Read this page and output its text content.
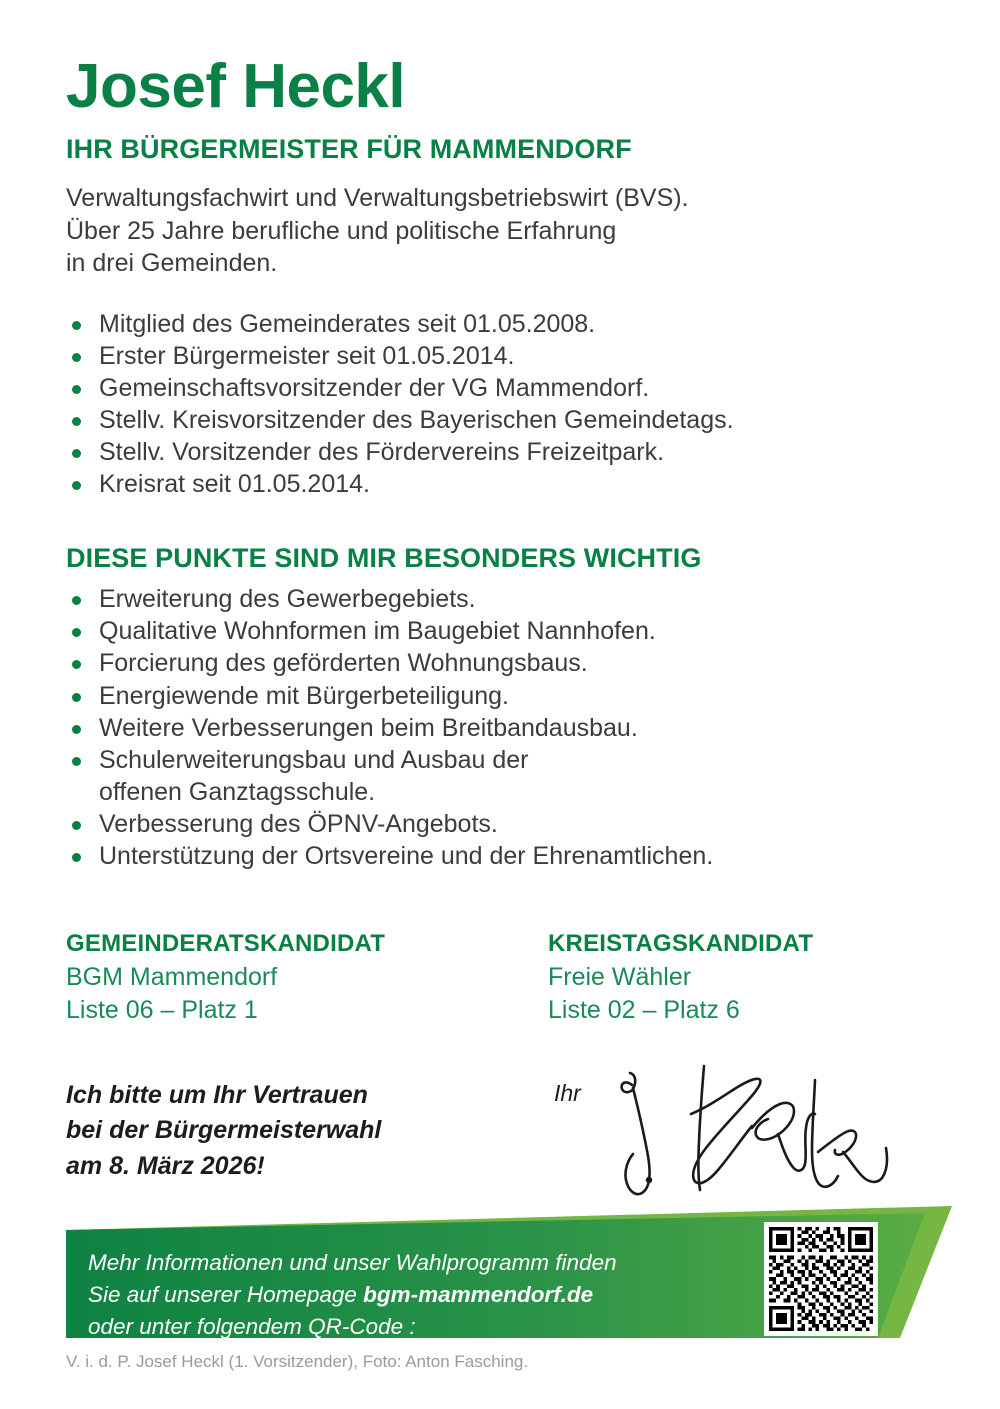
Josef Heckl
IHR BÜRGERMEISTER FÜR MAMMENDORF

Verwaltungsfachwirt und Verwaltungsbetriebswirt (BVS).
Über 25 Jahre berufliche und politische Erfahrung
in drei Gemeinden.

Mitglied des Gemeinderates seit 01.05.2008.
Erster Bürgermeister seit 01.05.2014.
Gemeinschaftsvorsitzender der VG Mammendorf.
Stellv. Kreisvorsitzender des Bayerischen Gemeindetags.
Stellv. Vorsitzender des Fördervereins Freizeitpark.
Kreisrat seit 01.05.2014.
DIESE PUNKTE SIND MIR BESONDERS WICHTIG
Erweiterung des Gewerbegebiets.
Qualitative Wohnformen im Baugebiet Nannhofen.
Forcierung des geförderten Wohnungsbaus.
Energiewende mit Bürgerbeteiligung.
Weitere Verbesserungen beim Breitbandausbau.
Schulerweiterungsbau und Ausbau der
offenen Ganztagsschule.
Verbesserung des ÖPNV-Angebots.
Unterstützung der Ortsvereine und der Ehrenamtlichen.

GEMEINDERATSKANDIDAT

BGM Mammendorf

Liste 06 – Platz 1

KREISTAGSKANDIDAT

Freie Wähler

Liste 02 – Platz 6

Ich bitte um Ihr Vertrauen
bei der Bürgermeisterwahl
am 8. März 2026!

Ihr

Mehr Informationen und unser Wahlprogramm finden
Sie auf unserer Homepage bgm-mammendorf.de
oder unter folgendem QR-Code :

V. i. d. P. Josef Heckl (1. Vorsitzender), Foto: Anton Fasching.
